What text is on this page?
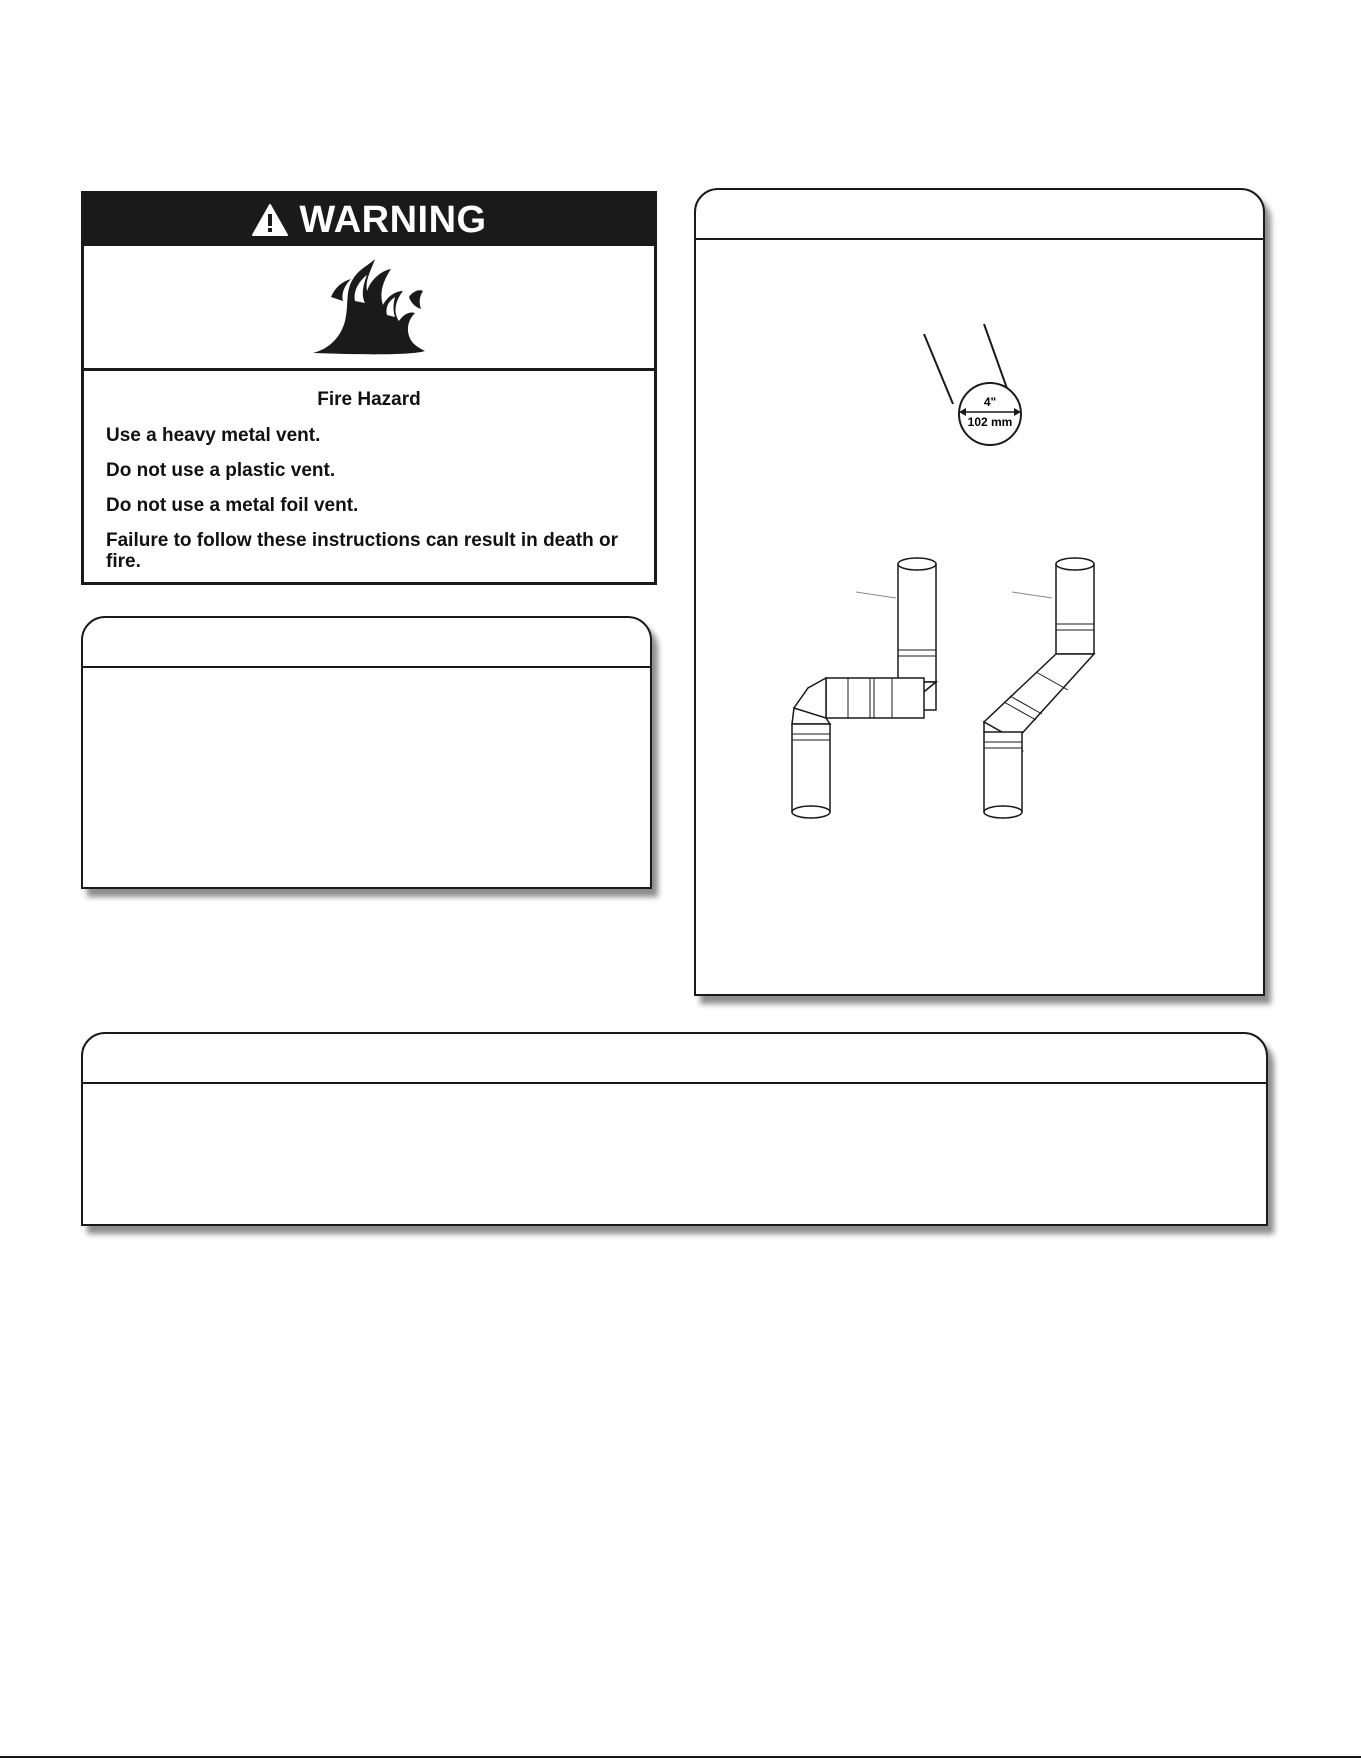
WARNING

Fire Hazard

Use a heavy metal vent.

Do not use a plastic vent.

Do not use a metal foil vent.

Failure to follow these instructions can result in death or fire.

4"
102 mm
